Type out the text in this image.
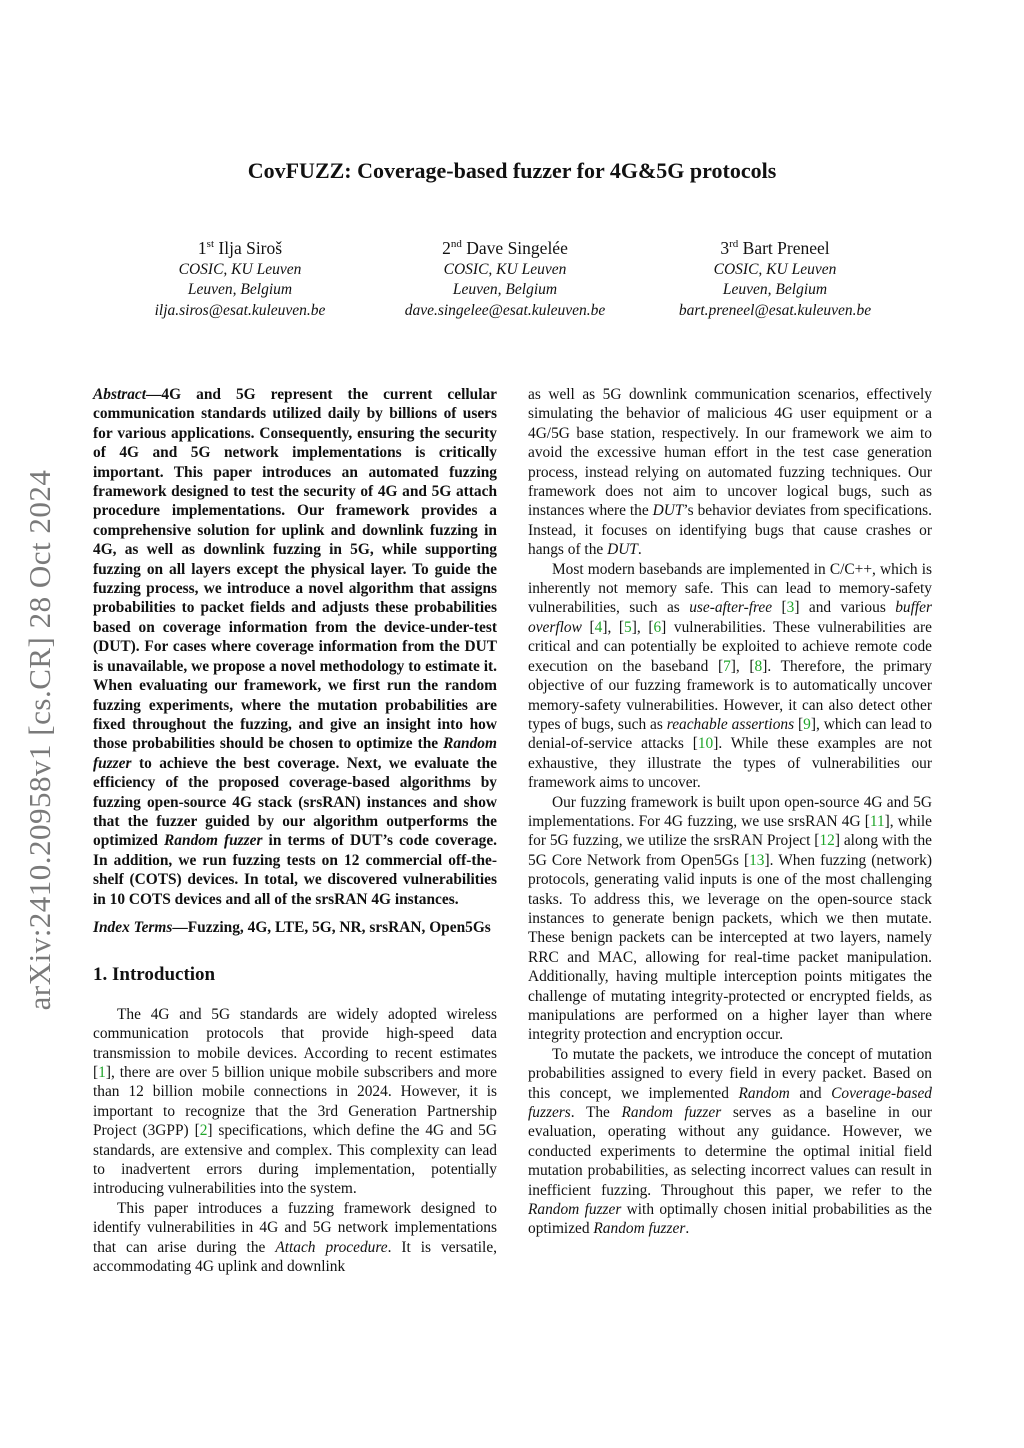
arXiv:2410.20958v1 [cs.CR] 28 Oct 2024
CovFUZZ: Coverage-based fuzzer for 4G&5G protocols
1st Ilja Siroš
COSIC, KU Leuven
Leuven, Belgium
ilja.siros@esat.kuleuven.be
2nd Dave Singelée
COSIC, KU Leuven
Leuven, Belgium
dave.singelee@esat.kuleuven.be
3rd Bart Preneel
COSIC, KU Leuven
Leuven, Belgium
bart.preneel@esat.kuleuven.be

Abstract—4G and 5G represent the current cellular communication standards utilized daily by billions of users for various applications. Consequently, ensuring the security of 4G and 5G network implementations is critically important. This paper introduces an automated fuzzing framework designed to test the security of 4G and 5G attach procedure implementations. Our framework provides a comprehensive solution for uplink and downlink fuzzing in 4G, as well as downlink fuzzing in 5G, while supporting fuzzing on all layers except the physical layer. To guide the fuzzing process, we introduce a novel algorithm that assigns probabilities to packet fields and adjusts these probabilities based on coverage information from the device-under-test (DUT). For cases where coverage information from the DUT is unavailable, we propose a novel methodology to estimate it. When evaluating our framework, we first run the random fuzzing experiments, where the mutation probabilities are fixed throughout the fuzzing, and give an insight into how those probabilities should be chosen to optimize the Random fuzzer to achieve the best coverage. Next, we evaluate the efficiency of the proposed coverage-based algorithms by fuzzing open-source 4G stack (srsRAN) instances and show that the fuzzer guided by our algorithm outperforms the optimized Random fuzzer in terms of DUT’s code coverage. In addition, we run fuzzing tests on 12 commercial off-the-shelf (COTS) devices. In total, we discovered vulnerabilities in 10 COTS devices and all of the srsRAN 4G instances.

Index Terms—Fuzzing, 4G, LTE, 5G, NR, srsRAN, Open5Gs

1. Introduction

The 4G and 5G standards are widely adopted wireless communication protocols that provide high-speed data transmission to mobile devices. According to recent estimates [1], there are over 5 billion unique mobile subscribers and more than 12 billion mobile connections in 2024. However, it is important to recognize that the 3rd Generation Partnership Project (3GPP) [2] specifications, which define the 4G and 5G standards, are extensive and complex. This complexity can lead to inadvertent errors during implementation, potentially introducing vulnerabilities into the system.

This paper introduces a fuzzing framework designed to identify vulnerabilities in 4G and 5G network implementations that can arise during the Attach procedure. It is versatile, accommodating 4G uplink and downlink

as well as 5G downlink communication scenarios, effectively simulating the behavior of malicious 4G user equipment or a 4G/5G base station, respectively. In our framework we aim to avoid the excessive human effort in the test case generation process, instead relying on automated fuzzing techniques. Our framework does not aim to uncover logical bugs, such as instances where the DUT’s behavior deviates from specifications. Instead, it focuses on identifying bugs that cause crashes or hangs of the DUT.

Most modern basebands are implemented in C/C++, which is inherently not memory safe. This can lead to memory-safety vulnerabilities, such as use-after-free [3] and various buffer overflow [4], [5], [6] vulnerabilities. These vulnerabilities are critical and can potentially be exploited to achieve remote code execution on the baseband [7], [8]. Therefore, the primary objective of our fuzzing framework is to automatically uncover memory-safety vulnerabilities. However, it can also detect other types of bugs, such as reachable assertions [9], which can lead to denial-of-service attacks [10]. While these examples are not exhaustive, they illustrate the types of vulnerabilities our framework aims to uncover.

Our fuzzing framework is built upon open-source 4G and 5G implementations. For 4G fuzzing, we use srsRAN 4G [11], while for 5G fuzzing, we utilize the srsRAN Project [12] along with the 5G Core Network from Open5Gs [13]. When fuzzing (network) protocols, generating valid inputs is one of the most challenging tasks. To address this, we leverage on the open-source stack instances to generate benign packets, which we then mutate. These benign packets can be intercepted at two layers, namely RRC and MAC, allowing for real-time packet manipulation. Additionally, having multiple interception points mitigates the challenge of mutating integrity-protected or encrypted fields, as manipulations are performed on a higher layer than where integrity protection and encryption occur.

To mutate the packets, we introduce the concept of mutation probabilities assigned to every field in every packet. Based on this concept, we implemented Random and Coverage-based fuzzers. The Random fuzzer serves as a baseline in our evaluation, operating without any guidance. However, we conducted experiments to determine the optimal initial field mutation probabilities, as selecting incorrect values can result in inefficient fuzzing. Throughout this paper, we refer to the Random fuzzer with optimally chosen initial probabilities as the optimized Random fuzzer.
